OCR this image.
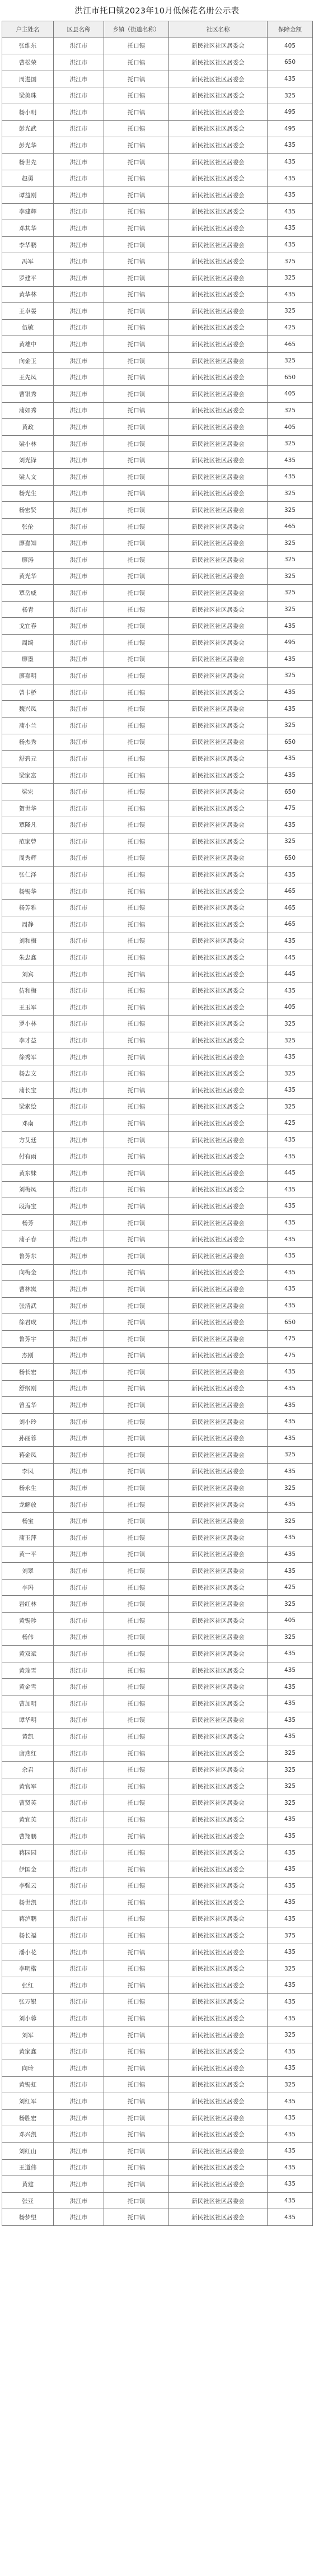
洪江市托口镇2023年10月低保花名册公示表
户主姓名	区县名称	乡镇（街道名称）	社区名称	保障金额
张维东	洪江市	托口镇	新民社区社区居委会	405
曹松荣	洪江市	托口镇	新民社区社区居委会	650
周进国	洪江市	托口镇	新民社区社区居委会	435
梁美珠	洪江市	托口镇	新民社区社区居委会	325
杨小明	洪江市	托口镇	新民社区社区居委会	495
彭光武	洪江市	托口镇	新民社区社区居委会	495
彭光华	洪江市	托口镇	新民社区社区居委会	435
杨世先	洪江市	托口镇	新民社区社区居委会	435
赵勇	洪江市	托口镇	新民社区社区居委会	435
谭益刚	洪江市	托口镇	新民社区社区居委会	435
李建辉	洪江市	托口镇	新民社区社区居委会	435
邓其华	洪江市	托口镇	新民社区社区居委会	435
李华鹏	洪江市	托口镇	新民社区社区居委会	435
冯军	洪江市	托口镇	新民社区社区居委会	375
罗建平	洪江市	托口镇	新民社区社区居委会	325
黄华林	洪江市	托口镇	新民社区社区居委会	435
王卓晏	洪江市	托口镇	新民社区社区居委会	325
伍敏	洪江市	托口镇	新民社区社区居委会	425
黄雄中	洪江市	托口镇	新民社区社区居委会	465
向金玉	洪江市	托口镇	新民社区社区居委会	325
王先凤	洪江市	托口镇	新民社区社区居委会	650
曹银秀	洪江市	托口镇	新民社区社区居委会	405
蒲如秀	洪江市	托口镇	新民社区社区居委会	325
黄政	洪江市	托口镇	新民社区社区居委会	405
梁小林	洪江市	托口镇	新民社区社区居委会	325
刘光锋	洪江市	托口镇	新民社区社区居委会	435
梁人文	洪江市	托口镇	新民社区社区居委会	435
杨光生	洪江市	托口镇	新民社区社区居委会	325
杨宏贤	洪江市	托口镇	新民社区社区居委会	325
张伦	洪江市	托口镇	新民社区社区居委会	465
廖嘉知	洪江市	托口镇	新民社区社区居委会	325
廖涛	洪江市	托口镇	新民社区社区居委会	325
黄光华	洪江市	托口镇	新民社区社区居委会	325
覃岳威	洪江市	托口镇	新民社区社区居委会	325
杨青	洪江市	托口镇	新民社区社区居委会	325
戈宜春	洪江市	托口镇	新民社区社区居委会	435
周绮	洪江市	托口镇	新民社区社区居委会	495
廖墨	洪江市	托口镇	新民社区社区居委会	435
廖嘉明	洪江市	托口镇	新民社区社区居委会	325
曾卡桥	洪江市	托口镇	新民社区社区居委会	435
魏兴凤	洪江市	托口镇	新民社区社区居委会	435
蒲小兰	洪江市	托口镇	新民社区社区居委会	325
杨杰秀	洪江市	托口镇	新民社区社区居委会	650
舒碧元	洪江市	托口镇	新民社区社区居委会	435
梁家富	洪江市	托口镇	新民社区社区居委会	435
梁宏	洪江市	托口镇	新民社区社区居委会	650
贺世华	洪江市	托口镇	新民社区社区居委会	475
覃隆凡	洪江市	托口镇	新民社区社区居委会	435
范家曾	洪江市	托口镇	新民社区社区居委会	325
周秀辉	洪江市	托口镇	新民社区社区居委会	650
张仁泽	洪江市	托口镇	新民社区社区居委会	435
杨锡华	洪江市	托口镇	新民社区社区居委会	465
杨芳雅	洪江市	托口镇	新民社区社区居委会	465
周静	洪江市	托口镇	新民社区社区居委会	465
刘和梅	洪江市	托口镇	新民社区社区居委会	435
朱忠鑫	洪江市	托口镇	新民社区社区居委会	445
刘宾	洪江市	托口镇	新民社区社区居委会	445
仿和梅	洪江市	托口镇	新民社区社区居委会	435
王玉军	洪江市	托口镇	新民社区社区居委会	405
罗小林	洪江市	托口镇	新民社区社区居委会	325
李才益	洪江市	托口镇	新民社区社区居委会	325
徐秀军	洪江市	托口镇	新民社区社区居委会	435
杨志文	洪江市	托口镇	新民社区社区居委会	325
蒲长宝	洪江市	托口镇	新民社区社区居委会	435
梁素绘	洪江市	托口镇	新民社区社区居委会	325
邓南	洪江市	托口镇	新民社区社区居委会	425
方艾廷	洪江市	托口镇	新民社区社区居委会	435
付有雨	洪江市	托口镇	新民社区社区居委会	435
黄东妹	洪江市	托口镇	新民社区社区居委会	445
刘梅凤	洪江市	托口镇	新民社区社区居委会	435
段海宝	洪江市	托口镇	新民社区社区居委会	435
杨芳	洪江市	托口镇	新民社区社区居委会	435
蒲子春	洪江市	托口镇	新民社区社区居委会	435
鲁芳东	洪江市	托口镇	新民社区社区居委会	435
向梅金	洪江市	托口镇	新民社区社区居委会	435
曹林岚	洪江市	托口镇	新民社区社区居委会	435
张清武	洪江市	托口镇	新民社区社区居委会	435
徐君成	洪江市	托口镇	新民社区社区居委会	650
鲁芳宇	洪江市	托口镇	新民社区社区居委会	475
杰刚	洪江市	托口镇	新民社区社区居委会	475
杨长宏	洪江市	托口镇	新民社区社区居委会	435
舒纲刚	洪江市	托口镇	新民社区社区居委会	435
曾孟华	洪江市	托口镇	新民社区社区居委会	435
刘小玲	洪江市	托口镇	新民社区社区居委会	435
孙丽蓉	洪江市	托口镇	新民社区社区居委会	435
蒋金凤	洪江市	托口镇	新民社区社区居委会	325
李凤	洪江市	托口镇	新民社区社区居委会	435
杨永生	洪江市	托口镇	新民社区社区居委会	325
龙解放	洪江市	托口镇	新民社区社区居委会	435
杨宝	洪江市	托口镇	新民社区社区居委会	325
蒲玉萍	洪江市	托口镇	新民社区社区居委会	435
黄一平	洪江市	托口镇	新民社区社区居委会	435
刘翠	洪江市	托口镇	新民社区社区居委会	435
李玛	洪江市	托口镇	新民社区社区居委会	425
岩红林	洪江市	托口镇	新民社区社区居委会	325
黄锡珍	洪江市	托口镇	新民社区社区居委会	405
杨伟	洪江市	托口镇	新民社区社区居委会	325
黄双斌	洪江市	托口镇	新民社区社区居委会	435
黄瑞雪	洪江市	托口镇	新民社区社区居委会	435
黄金雪	洪江市	托口镇	新民社区社区居委会	435
曹加明	洪江市	托口镇	新民社区社区居委会	435
谭华明	洪江市	托口镇	新民社区社区居委会	435
黄凯	洪江市	托口镇	新民社区社区居委会	435
唐燕红	洪江市	托口镇	新民社区社区居委会	325
余君	洪江市	托口镇	新民社区社区居委会	325
黄官军	洪江市	托口镇	新民社区社区居委会	325
曹贤英	洪江市	托口镇	新民社区社区居委会	325
黄宜英	洪江市	托口镇	新民社区社区居委会	435
曹翔鹏	洪江市	托口镇	新民社区社区居委会	435
蒋园园	洪江市	托口镇	新民社区社区居委会	435
伊国金	洪江市	托口镇	新民社区社区居委会	435
李强云	洪江市	托口镇	新民社区社区居委会	435
杨世凯	洪江市	托口镇	新民社区社区居委会	435
蒋泸鹏	洪江市	托口镇	新民社区社区居委会	435
杨长福	洪江市	托口镇	新民社区社区居委会	375
潘小花	洪江市	托口镇	新民社区社区居委会	435
李明楷	洪江市	托口镇	新民社区社区居委会	325
张红	洪江市	托口镇	新民社区社区居委会	435
张万银	洪江市	托口镇	新民社区社区居委会	435
刘小蓉	洪江市	托口镇	新民社区社区居委会	435
刘军	洪江市	托口镇	新民社区社区居委会	325
黄家鑫	洪江市	托口镇	新民社区社区居委会	435
向玲	洪江市	托口镇	新民社区社区居委会	435
黄锡虹	洪江市	托口镇	新民社区社区居委会	325
刘红军	洪江市	托口镇	新民社区社区居委会	435
杨胜宏	洪江市	托口镇	新民社区社区居委会	435
邓兴凯	洪江市	托口镇	新民社区社区居委会	435
刘红山	洪江市	托口镇	新民社区社区居委会	435
王道伟	洪江市	托口镇	新民社区社区居委会	435
黄建	洪江市	托口镇	新民社区社区居委会	435
张亚	洪江市	托口镇	新民社区社区居委会	435
杨梦望	洪江市	托口镇	新民社区社区居委会	435
